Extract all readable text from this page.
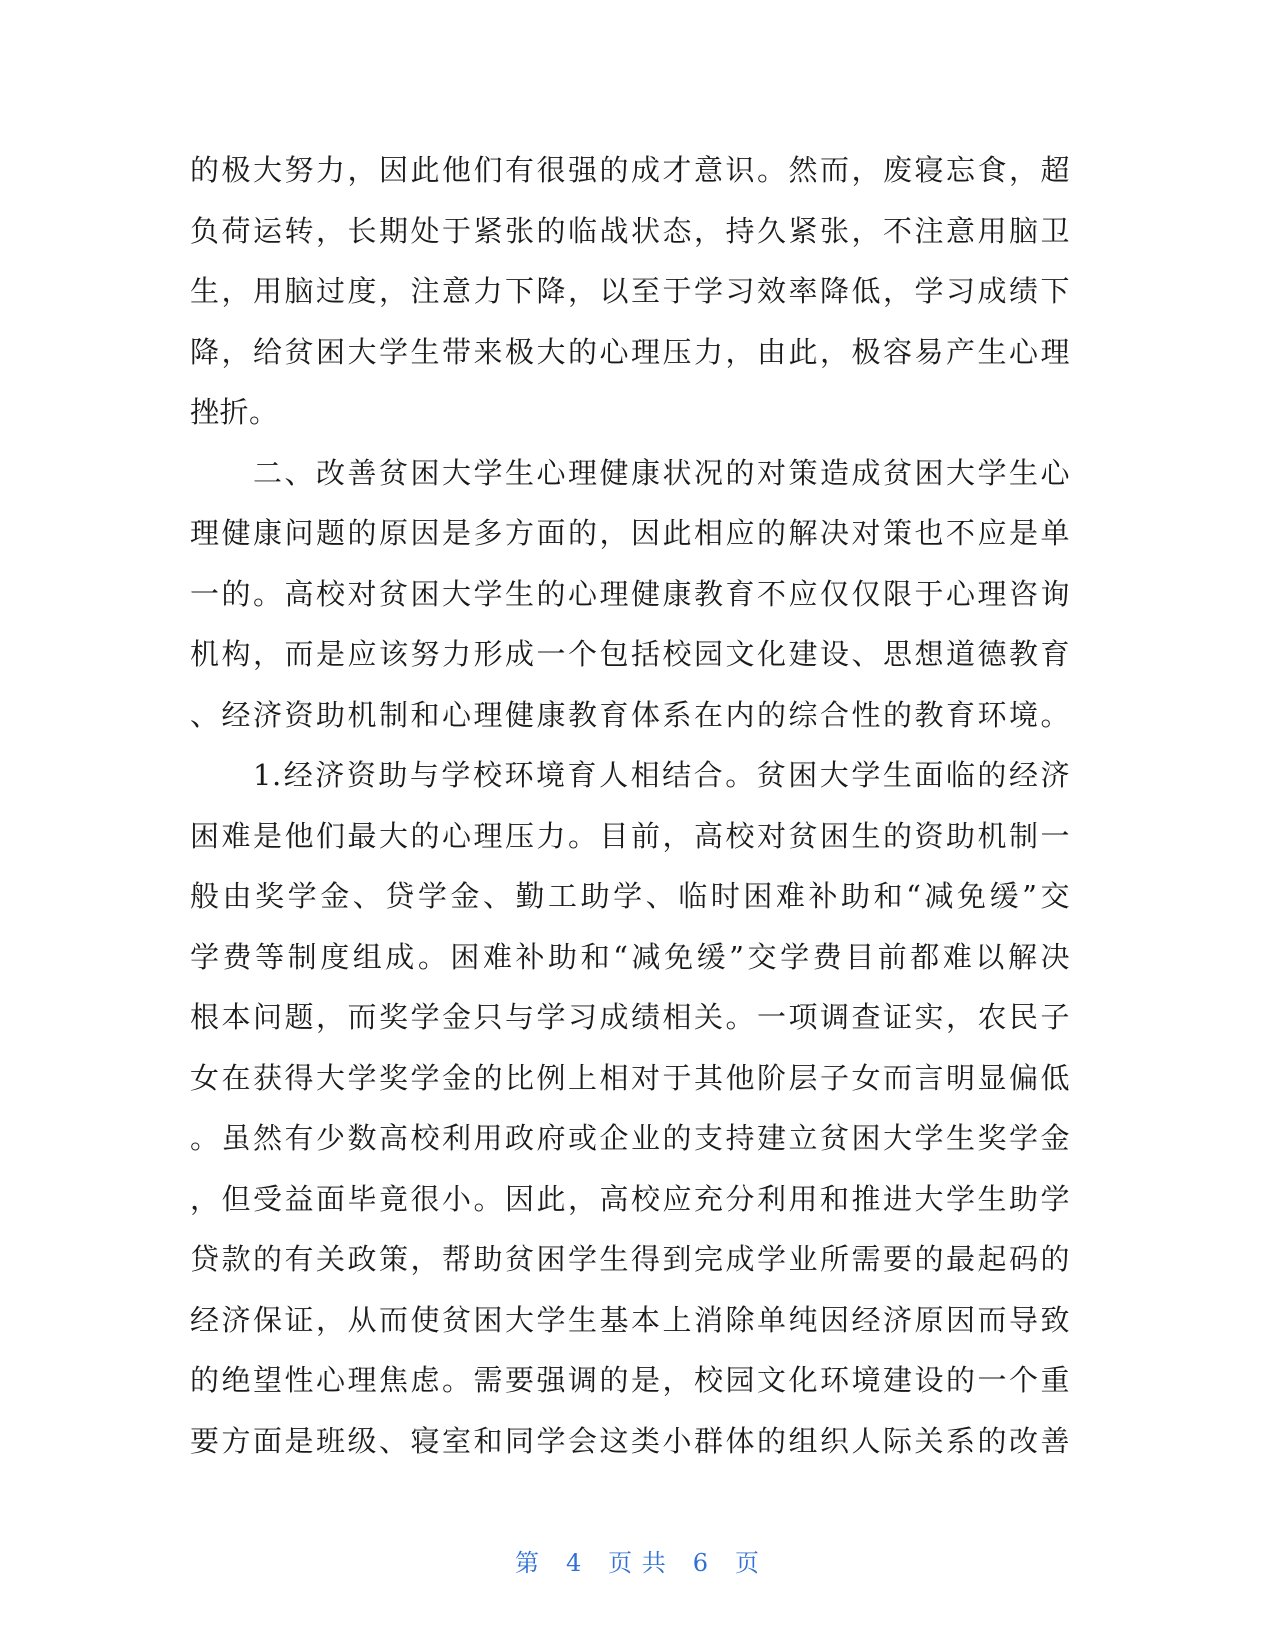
的极大努力，因此他们有很强的成才意识。然而，废寝忘食，超
负荷运转，长期处于紧张的临战状态，持久紧张，不注意用脑卫
生，用脑过度，注意力下降，以至于学习效率降低，学习成绩下
降，给贫困大学生带来极大的心理压力，由此，极容易产生心理
挫折。
　　二、改善贫困大学生心理健康状况的对策造成贫困大学生心
理健康问题的原因是多方面的，因此相应的解决对策也不应是单
一的。高校对贫困大学生的心理健康教育不应仅仅限于心理咨询
机构，而是应该努力形成一个包括校园文化建设、思想道德教育
、经济资助机制和心理健康教育体系在内的综合性的教育环境。
　　1.经济资助与学校环境育人相结合。贫困大学生面临的经济
困难是他们最大的心理压力。目前，高校对贫困生的资助机制一
般由奖学金、贷学金、勤工助学、临时困难补助和“减免缓”交
学费等制度组成。困难补助和“减免缓”交学费目前都难以解决
根本问题，而奖学金只与学习成绩相关。一项调查证实，农民子
女在获得大学奖学金的比例上相对于其他阶层子女而言明显偏低
。虽然有少数高校利用政府或企业的支持建立贫困大学生奖学金
，但受益面毕竟很小。因此，高校应充分利用和推进大学生助学
贷款的有关政策，帮助贫困学生得到完成学业所需要的最起码的
经济保证，从而使贫困大学生基本上消除单纯因经济原因而导致
的绝望性心理焦虑。需要强调的是，校园文化环境建设的一个重
要方面是班级、寝室和同学会这类小群体的组织人际关系的改善
第 4 页 共 6 页
